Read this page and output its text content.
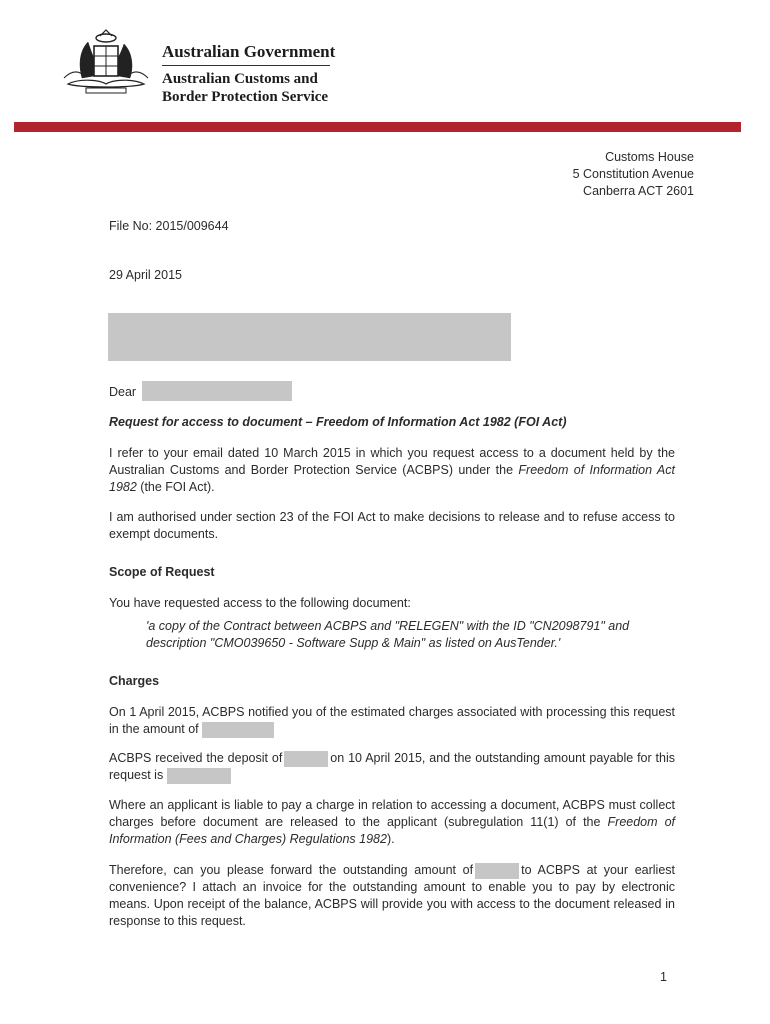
Australian Government
Australian Customs and
Border Protection Service
Customs House
5 Constitution Avenue
Canberra ACT 2601
File No: 2015/009644
29 April 2015
Dear
Request for access to document – Freedom of Information Act 1982 (FOI Act)
I refer to your email dated 10 March 2015 in which you request access to a document held by the Australian Customs and Border Protection Service (ACBPS) under the Freedom of Information Act 1982 (the FOI Act).
I am authorised under section 23 of the FOI Act to make decisions to release and to refuse access to exempt documents.
Scope of Request
You have requested access to the following document:
'a copy of the Contract between ACBPS and "RELEGEN" with the ID "CN2098791" and description "CMO039650 - Software Supp & Main" as listed on AusTender.'
Charges
On 1 April 2015, ACBPS notified you of the estimated charges associated with processing this request in the amount of
ACBPS received the deposit of	on 10 April 2015, and the outstanding amount payable for this request is
Where an applicant is liable to pay a charge in relation to accessing a document, ACBPS must collect charges before document are released to the applicant (subregulation 11(1) of the Freedom of Information (Fees and Charges) Regulations 1982).
Therefore, can you please forward the outstanding amount of	to ACBPS at your earliest convenience? I attach an invoice for the outstanding amount to enable you to pay by electronic means. Upon receipt of the balance, ACBPS will provide you with access to the document released in response to this request.
1
